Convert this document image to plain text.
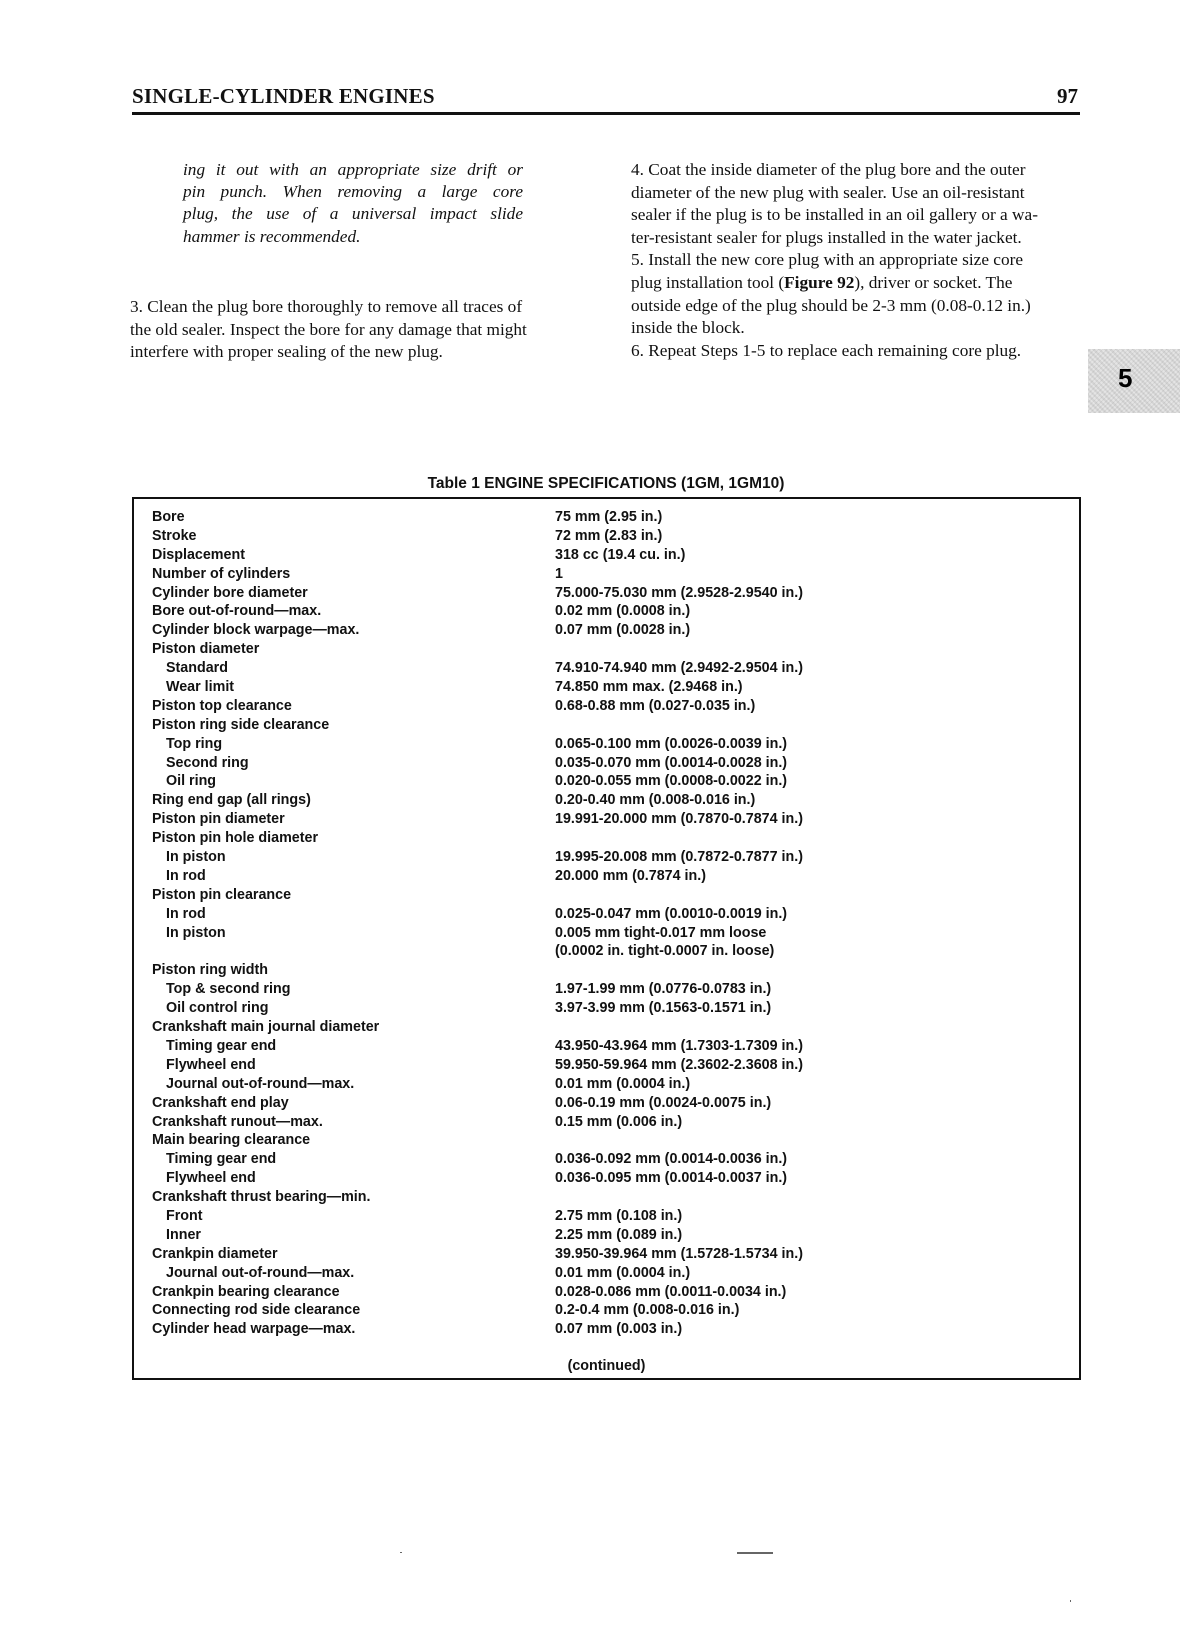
SINGLE-CYLINDER ENGINES	97
ing it out with an appropriate size drift or
pin punch. When removing a large core
plug, the use of a universal impact slide
hammer is recommended.
3. Clean the plug bore thoroughly to remove all traces of
the old sealer. Inspect the bore for any damage that might
interfere with proper sealing of the new plug.
4. Coat the inside diameter of the plug bore and the outer
diameter of the new plug with sealer. Use an oil-resistant
sealer if the plug is to be installed in an oil gallery or a wa-
ter-resistant sealer for plugs installed in the water jacket.
5. Install the new core plug with an appropriate size core
plug installation tool (Figure 92), driver or socket. The
outside edge of the plug should be 2-3 mm (0.08-0.12 in.)
inside the block.
6. Repeat Steps 1-5 to replace each remaining core plug.
5
Table 1 ENGINE SPECIFICATIONS (1GM, 1GM10)
Bore	75 mm (2.95 in.)
Stroke	72 mm (2.83 in.)
Displacement	318 cc (19.4 cu. in.)
Number of cylinders	1
Cylinder bore diameter	75.000-75.030 mm (2.9528-2.9540 in.)
Bore out-of-round—max.	0.02 mm (0.0008 in.)
Cylinder block warpage—max.	0.07 mm (0.0028 in.)
Piston diameter
Standard	74.910-74.940 mm (2.9492-2.9504 in.)
Wear limit	74.850 mm max. (2.9468 in.)
Piston top clearance	0.68-0.88 mm (0.027-0.035 in.)
Piston ring side clearance
Top ring	0.065-0.100 mm (0.0026-0.0039 in.)
Second ring	0.035-0.070 mm (0.0014-0.0028 in.)
Oil ring	0.020-0.055 mm (0.0008-0.0022 in.)
Ring end gap (all rings)	0.20-0.40 mm (0.008-0.016 in.)
Piston pin diameter	19.991-20.000 mm (0.7870-0.7874 in.)
Piston pin hole diameter
In piston	19.995-20.008 mm (0.7872-0.7877 in.)
In rod	20.000 mm (0.7874 in.)
Piston pin clearance
In rod	0.025-0.047 mm (0.0010-0.0019 in.)
In piston	0.005 mm tight-0.017 mm loose
(0.0002 in. tight-0.0007 in. loose)
Piston ring width
Top & second ring	1.97-1.99 mm (0.0776-0.0783 in.)
Oil control ring	3.97-3.99 mm (0.1563-0.1571 in.)
Crankshaft main journal diameter
Timing gear end	43.950-43.964 mm (1.7303-1.7309 in.)
Flywheel end	59.950-59.964 mm (2.3602-2.3608 in.)
Journal out-of-round—max.	0.01 mm (0.0004 in.)
Crankshaft end play	0.06-0.19 mm (0.0024-0.0075 in.)
Crankshaft runout—max.	0.15 mm (0.006 in.)
Main bearing clearance
Timing gear end	0.036-0.092 mm (0.0014-0.0036 in.)
Flywheel end	0.036-0.095 mm (0.0014-0.0037 in.)
Crankshaft thrust bearing—min.
Front	2.75 mm (0.108 in.)
Inner	2.25 mm (0.089 in.)
Crankpin diameter	39.950-39.964 mm (1.5728-1.5734 in.)
Journal out-of-round—max.	0.01 mm (0.0004 in.)
Crankpin bearing clearance	0.028-0.086 mm (0.0011-0.0034 in.)
Connecting rod side clearance	0.2-0.4 mm (0.008-0.016 in.)
Cylinder head warpage—max.	0.07 mm (0.003 in.)
(continued)
